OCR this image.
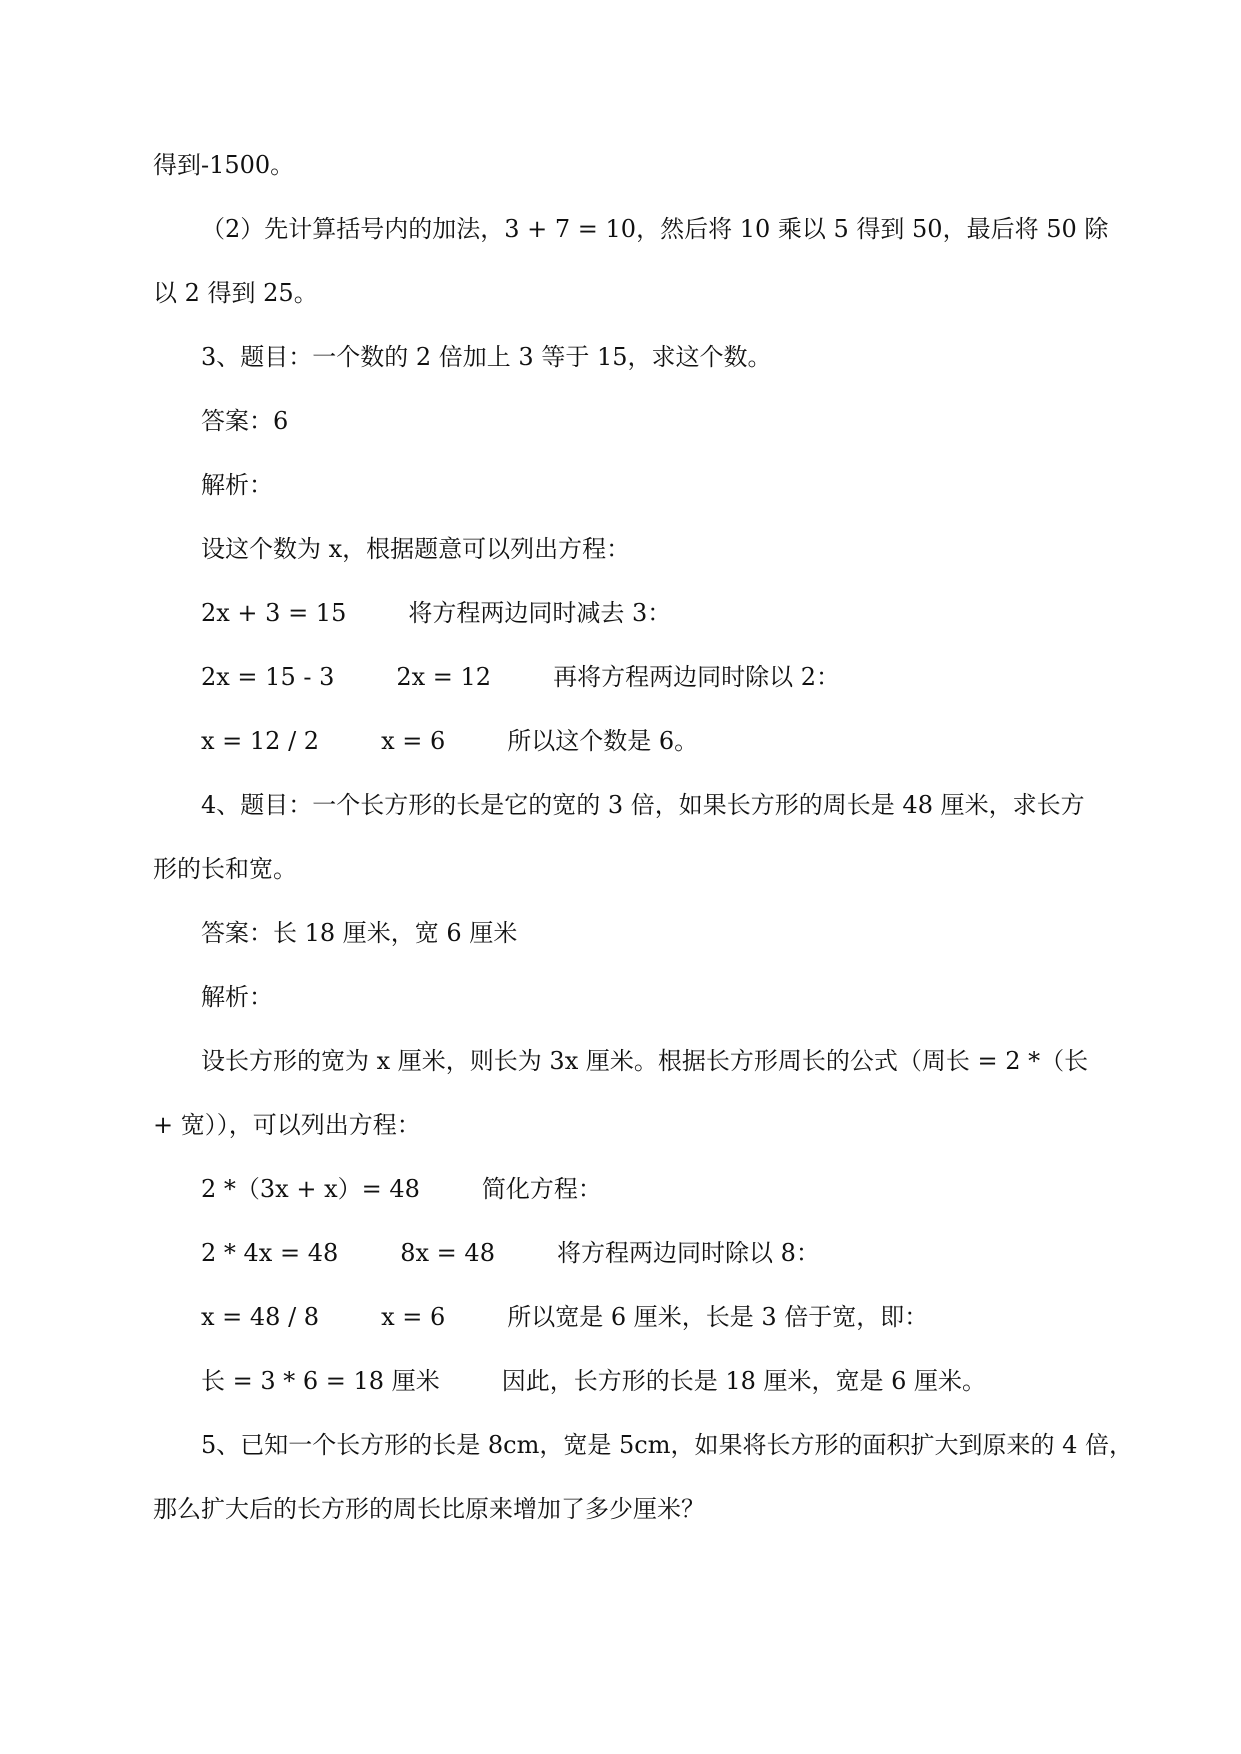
得到-1500。
（2）先计算括号内的加法，3 + 7 = 10，然后将 10 乘以 5 得到 50，最后将 50 除
以 2 得到 25。
3、题目：一个数的 2 倍加上 3 等于 15，求这个数。
答案：6
解析：
设这个数为 x，根据题意可以列出方程：
2x + 3 = 15	将方程两边同时减去 3：
2x = 15 - 3	2x = 12	再将方程两边同时除以 2：
x = 12 / 2	x = 6	所以这个数是 6。
4、题目：一个长方形的长是它的宽的 3 倍，如果长方形的周长是 48 厘米，求长方
形的长和宽。
答案：长 18 厘米，宽 6 厘米
解析：
设长方形的宽为 x 厘米，则长为 3x 厘米。根据长方形周长的公式（周长 = 2 *（长
+ 宽）），可以列出方程：
2 *（3x + x）= 48	简化方程：
2 * 4x = 48	8x = 48	将方程两边同时除以 8：
x = 48 / 8	x = 6	所以宽是 6 厘米，长是 3 倍于宽，即：
长 = 3 * 6 = 18 厘米	因此，长方形的长是 18 厘米，宽是 6 厘米。
5、已知一个长方形的长是 8cm，宽是 5cm，如果将长方形的面积扩大到原来的 4 倍，
那么扩大后的长方形的周长比原来增加了多少厘米？
